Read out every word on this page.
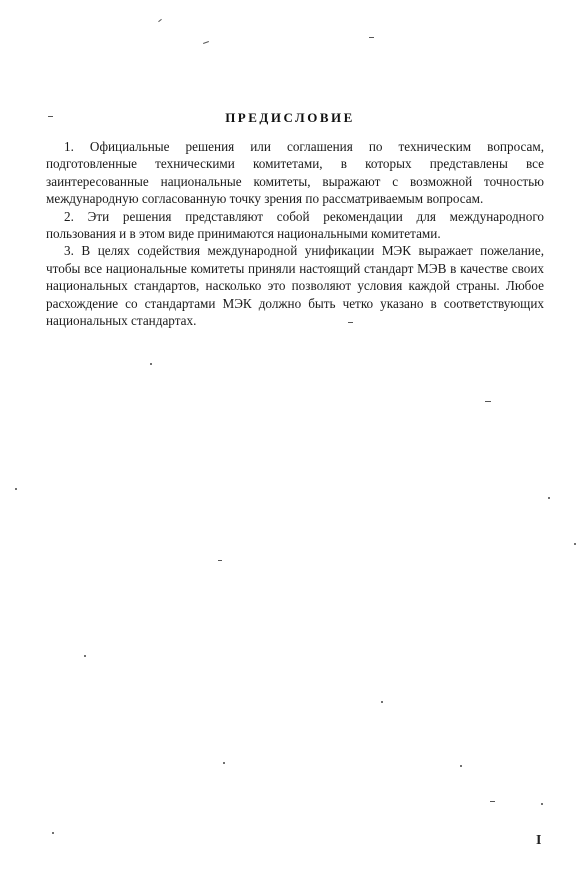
ПРЕДИСЛОВИЕ

1. Официальные решения или соглашения по техническим вопросам, подготовленные техническими комитетами, в которых представлены все заинтересованные национальные комитеты, выражают с возможной точностью международную согласованную точку зрения по рассматриваемым вопросам.

2. Эти решения представляют собой рекомендации для международного пользования и в этом виде принимаются национальными комитетами.

3. В целях содействия международной унификации МЭК выражает пожелание, чтобы все национальные комитеты приняли настоящий стандарт МЭВ в качестве своих национальных стандартов, насколько это позволяют условия каждой страны. Любое расхождение со стандартами МЭК должно быть четко указано в соответствующих национальных стандартах.

I
